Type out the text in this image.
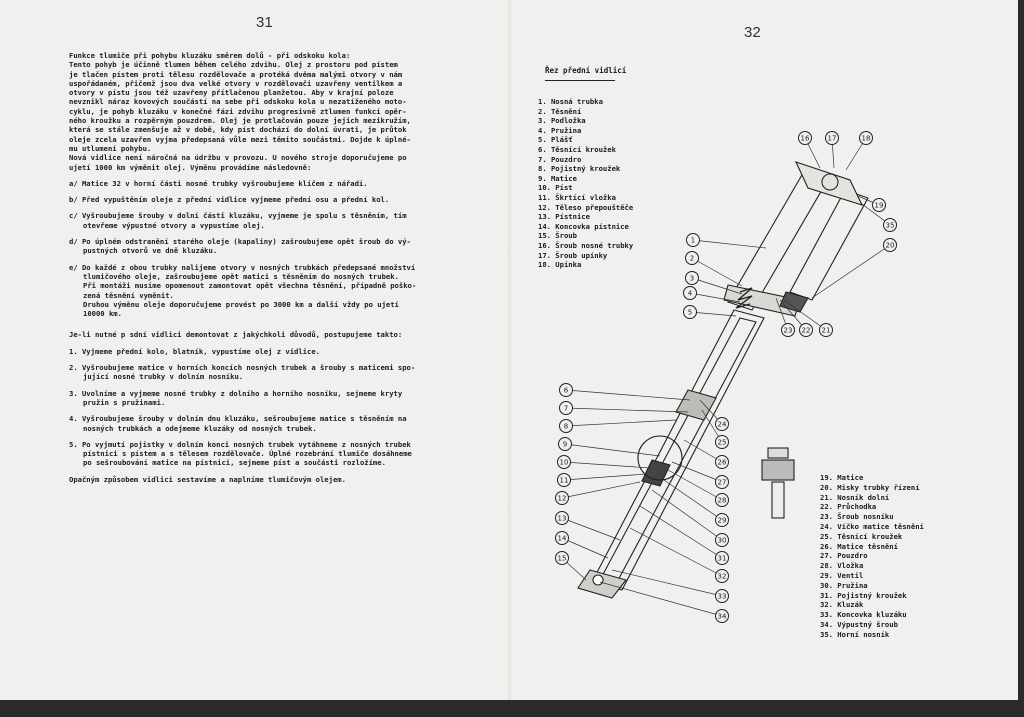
31
32

Funkce tlumiče při pohybu kluzáku směrem dolů - při odskoku kola:

Tento pohyb je účinně tlumen během celého zdvihu. Olej z prostoru pod pístem

je tlačen pístem proti tělesu rozdělovače a protéká dvěma malými otvory v nám

uspořádaném, přičemž jsou dva velké otvory v rozdělovači uzavřeny ventilkem a

otvory v pístu jsou též uzavřeny přítlačenou planžetou. Aby v krajní poloze

nevznikl náraz kovových součástí na sebe při odskoku kola u nezatíženého moto-

cyklu, je pohyb kluzáku v konečné fázi zdvihu progresivně ztlumen funkcí opěr-

ného kroužku a rozpěrným pouzdrem. Olej je protlačován pouze jejich mezikružím,

která se stále zmenšuje až v době, kdy píst dochází do dolní úvrati, je průtok

oleje zcela uzavřen vyjma předepsaná vůle mezi těmito součástmi. Dojde k úplné-

mu utlumení pohybu.

Nová vidlice není náročná na údržbu v provozu. U nového stroje doporučujeme po

ujetí 1000 km výměnit olej. Výměnu provádíme následovně:

a/ Matice 32 v horní části nosné trubky vyšroubujeme klíčem z nářadí.

b/ Před vypuštěním oleje z přední vidlice vyjmeme přední osu a přední kol.

c/ Vyšroubujeme šrouby v dolní části kluzáku, vyjmeme je spolu s těsněním, tím

otevřeme výpustné otvory a vypustíme olej.

d/ Po úplném odstranění starého oleje (kapaliny) zašroubujeme opět šroub do vý-

pustných otvorů ve dně kluzáku.

e/ Do každé z obou trubky nalijeme otvory v nosných trubkách předepsané množství

tlumičového oleje, zašroubujeme opět matici s těsněním do nosných trubek.

Při montáži musíme opomenout zamontovat opět všechna těsnění, případně poško-

zená těsnění vyměnit.

Druhou výměnu oleje doporučujeme provést po 3000 km a další vždy po ujetí

10000 km.

Je-li nutné p sdní vidlici demontovat z jakýchkoli důvodů, postupujeme takto:

1. Vyjmeme přední kolo, blatník, vypustíme olej z vidlice.

2. Vyšroubujeme matice v horních koncích nosných trubek a šrouby s maticemi spo-

jující nosné trubky v dolním nosníku.

3. Uvolníme a vyjmeme nosné trubky z dolního a horního nosníku, sejmeme kryty

pružin s pružinami.

4. Vyšroubujeme šrouby v dolním dnu kluzáku, sešroubujeme matice s těsněním na

nosných trubkách a odejmeme kluzáky od nosných trubek.

5. Po vyjmutí pojistky v dolním konci nosných trubek vytáhneme z nosných trubek

pístnici s pístem a s tělesem rozdělovače. Úplné rozebrání tlumiče dosáhneme

po sešroubování matice na pístnici, sejmeme píst a součásti rozložíme.

Opačným způsobem vidlici sestavíme a naplníme tlumičovým olejem.

Řez přední vidlicí
1. Nosná trubka
2. Těsnění
3. Podložka
4. Pružina
5. Plášť
6. Těsnící kroužek
7. Pouzdro
8. Pojistný kroužek
9. Matice
10. Píst
11. Škrtící vložka
12. Těleso přepouštěče
13. Pístnice
14. Koncovka pístnice
15. Šroub
16. Šroub nosné trubky
17. Šroub upínky
18. Upínka
19. Matice
20. Misky trubky řízení
21. Nosník dolní
22. Průchodka
23. Šroub nosníku
24. Víčko matice těsnění
25. Těsnící kroužek
26. Matice těsnění
27. Pouzdro
28. Vložka
29. Ventil
30. Pružina
31. Pojistný kroužek
32. Kluzák
33. Koncovka kluzáku
34. Výpustný šroub
35. Horní nosník
1
2
3
4
5
6
7
8
9
10
11
12
13
14
15
16	17	18
19
35
20
23 22 21
24
25
26
27
28
29
30
31
32
33
34
